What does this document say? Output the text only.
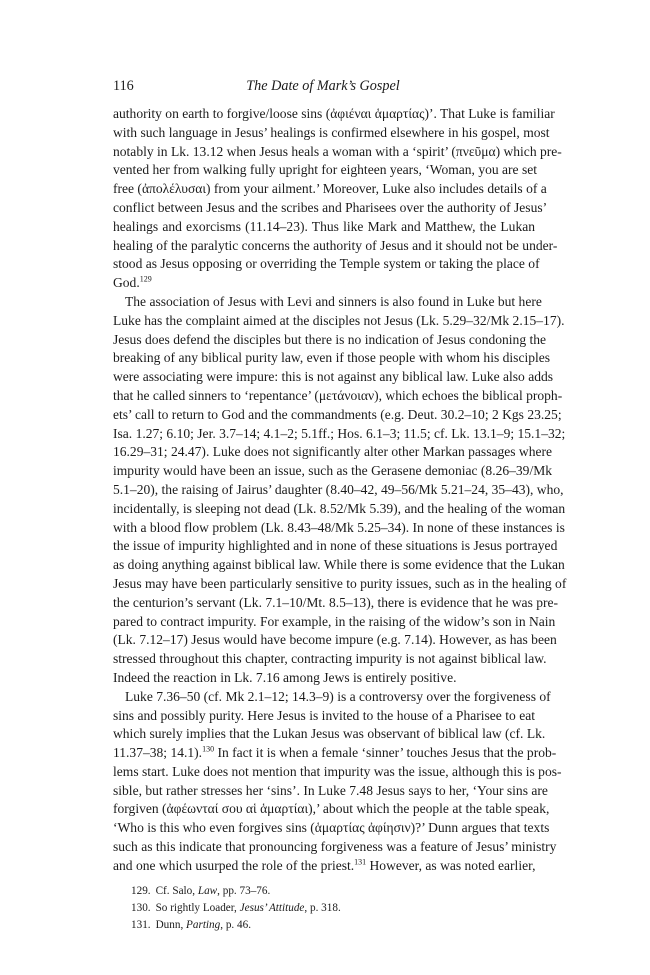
116	The Date of Mark’s Gospel
authority on earth to forgive/loose sins (ἀφιέναι ἁμαρτίας)’. That Luke is familiar
with such language in Jesus’ healings is confirmed elsewhere in his gospel, most
notably in Lk. 13.12 when Jesus heals a woman with a ‘spirit’ (πνεῦμα) which pre-
vented her from walking fully upright for eighteen years, ‘Woman, you are set
free (ἀπολέλυσαι) from your ailment.’ Moreover, Luke also includes details of a
conflict between Jesus and the scribes and Pharisees over the authority of Jesus’
healings and exorcisms (11.14–23). Thus like Mark and Matthew, the Lukan
healing of the paralytic concerns the authority of Jesus and it should not be under-
stood as Jesus opposing or overriding the Temple system or taking the place of
God.$^{129}$
The association of Jesus with Levi and sinners is also found in Luke but here
Luke has the complaint aimed at the disciples not Jesus (Lk. 5.29–32/Mk 2.15–17).
Jesus does defend the disciples but there is no indication of Jesus condoning the
breaking of any biblical purity law, even if those people with whom his disciples
were associating were impure: this is not against any biblical law. Luke also adds
that he called sinners to ‘repentance’ (μετάνοιαν), which echoes the biblical proph-
ets’ call to return to God and the commandments (e.g. Deut. 30.2–10; 2 Kgs 23.25;
Isa. 1.27; 6.10; Jer. 3.7–14; 4.1–2; 5.1ff.; Hos. 6.1–3; 11.5; cf. Lk. 13.1–9; 15.1–32;
16.29–31; 24.47). Luke does not significantly alter other Markan passages where
impurity would have been an issue, such as the Gerasene demoniac (8.26–39/Mk
5.1–20), the raising of Jairus’ daughter (8.40–42, 49–56/Mk 5.21–24, 35–43), who,
incidentally, is sleeping not dead (Lk. 8.52/Mk 5.39), and the healing of the woman
with a blood flow problem (Lk. 8.43–48/Mk 5.25–34). In none of these instances is
the issue of impurity highlighted and in none of these situations is Jesus portrayed
as doing anything against biblical law. While there is some evidence that the Lukan
Jesus may have been particularly sensitive to purity issues, such as in the healing of
the centurion’s servant (Lk. 7.1–10/Mt. 8.5–13), there is evidence that he was pre-
pared to contract impurity. For example, in the raising of the widow’s son in Nain
(Lk. 7.12–17) Jesus would have become impure (e.g. 7.14). However, as has been
stressed throughout this chapter, contracting impurity is not against biblical law.
Indeed the reaction in Lk. 7.16 among Jews is entirely positive.
Luke 7.36–50 (cf. Mk 2.1–12; 14.3–9) is a controversy over the forgiveness of
sins and possibly purity. Here Jesus is invited to the house of a Pharisee to eat
which surely implies that the Lukan Jesus was observant of biblical law (cf. Lk.
11.37–38; 14.1).$^{130}$ In fact it is when a female ‘sinner’ touches Jesus that the prob-
lems start. Luke does not mention that impurity was the issue, although this is pos-
sible, but rather stresses her ‘sins’. In Luke 7.48 Jesus says to her, ‘Your sins are
forgiven (ἀφέωνταί σου αἱ ἁμαρτίαι),’ about which the people at the table speak,
‘Who is this who even forgives sins (ἁμαρτίας ἀφίησιν)?’ Dunn argues that texts
such as this indicate that pronouncing forgiveness was a feature of Jesus’ ministry
and one which usurped the role of the priest.$^{131}$ However, as was noted earlier,
129. Cf. Salo, Law, pp. 73–76.
130. So rightly Loader, Jesus’ Attitude, p. 318.
131. Dunn, Parting, p. 46.
